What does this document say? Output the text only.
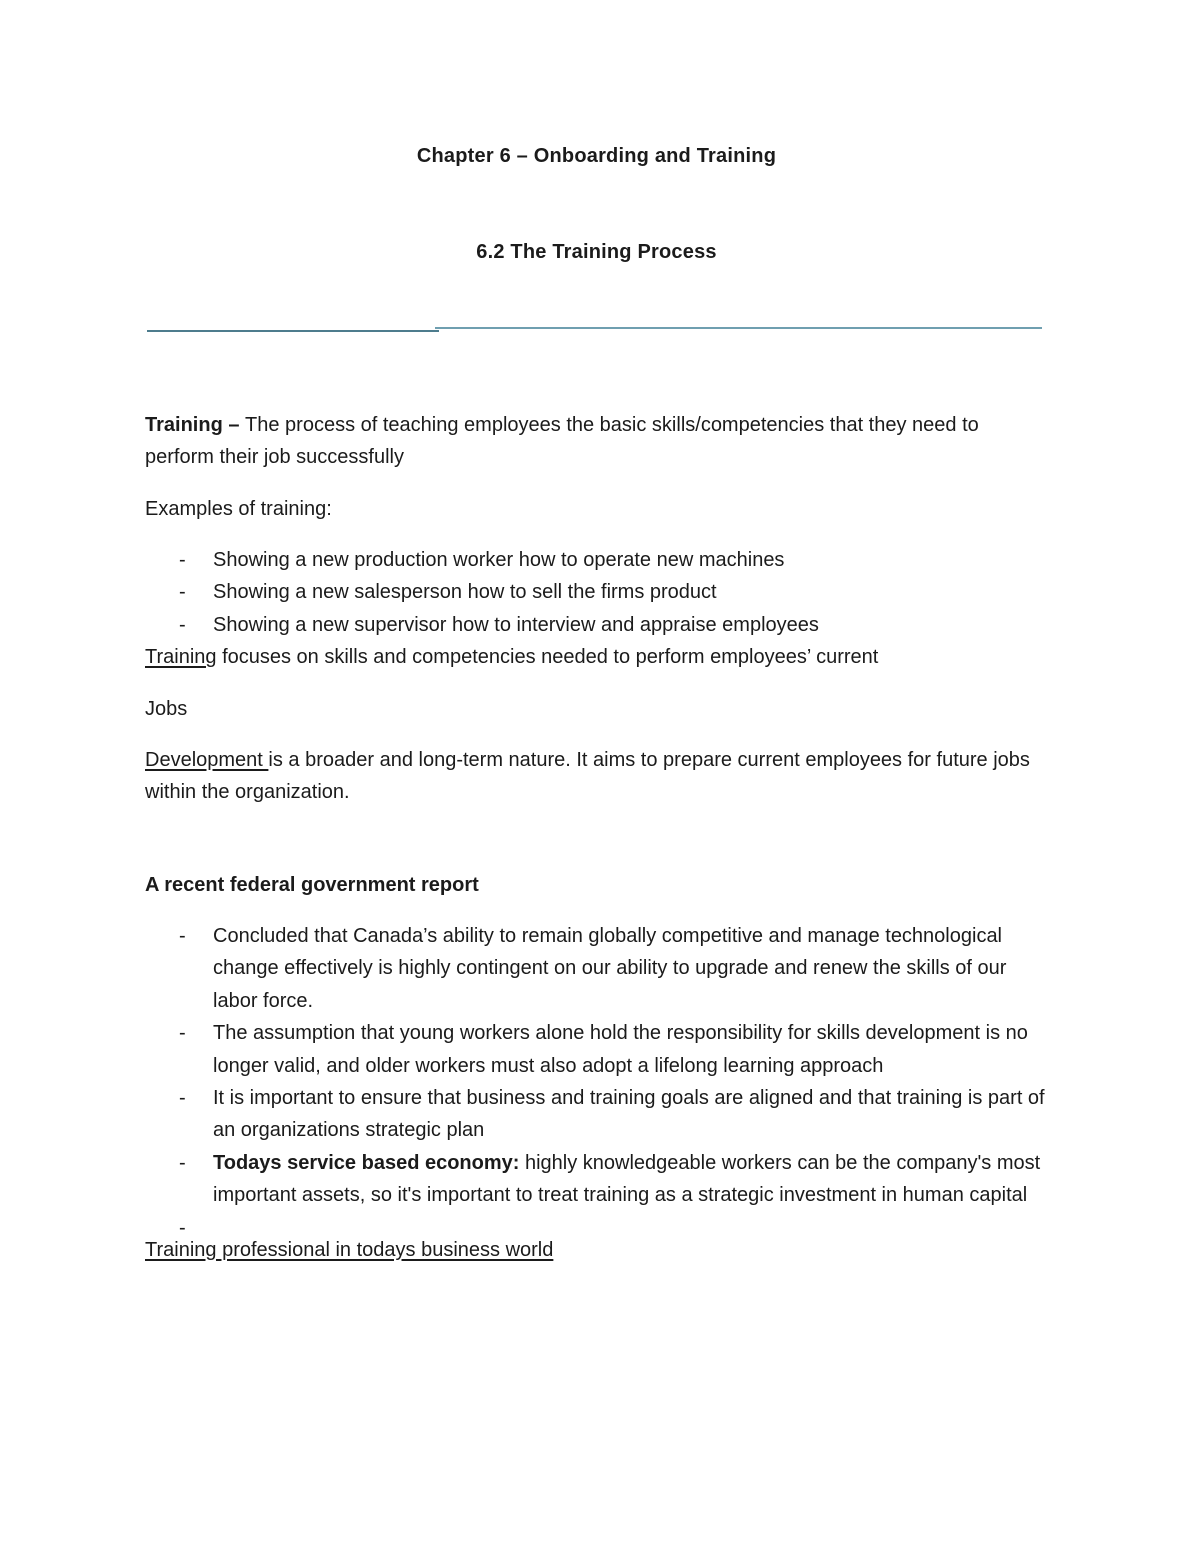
Chapter 6 – Onboarding and Training
6.2 The Training Process

Training – The process of teaching employees the basic skills/competencies that they need to perform their job successfully

Examples of training:

- Showing a new production worker how to operate new machines
- Showing a new salesperson how to sell the firms product
- Showing a new supervisor how to interview and appraise employees

Training focuses on skills and competencies needed to perform employees’ current

Jobs

Development is a broader and long-term nature. It aims to prepare current employees for future jobs within the organization.

A recent federal government report
- Concluded that Canada’s ability to remain globally competitive and manage technological change effectively is highly contingent on our ability to upgrade and renew the skills of our labor force.
- The assumption that young workers alone hold the responsibility for skills development is no longer valid, and older workers must also adopt a lifelong learning approach
- It is important to ensure that business and training goals are aligned and that training is part of an organizations strategic plan
- Todays service based economy: highly knowledgeable workers can be the company's most important assets, so it's important to treat training as a strategic investment in human capital

Training professional in todays business world
